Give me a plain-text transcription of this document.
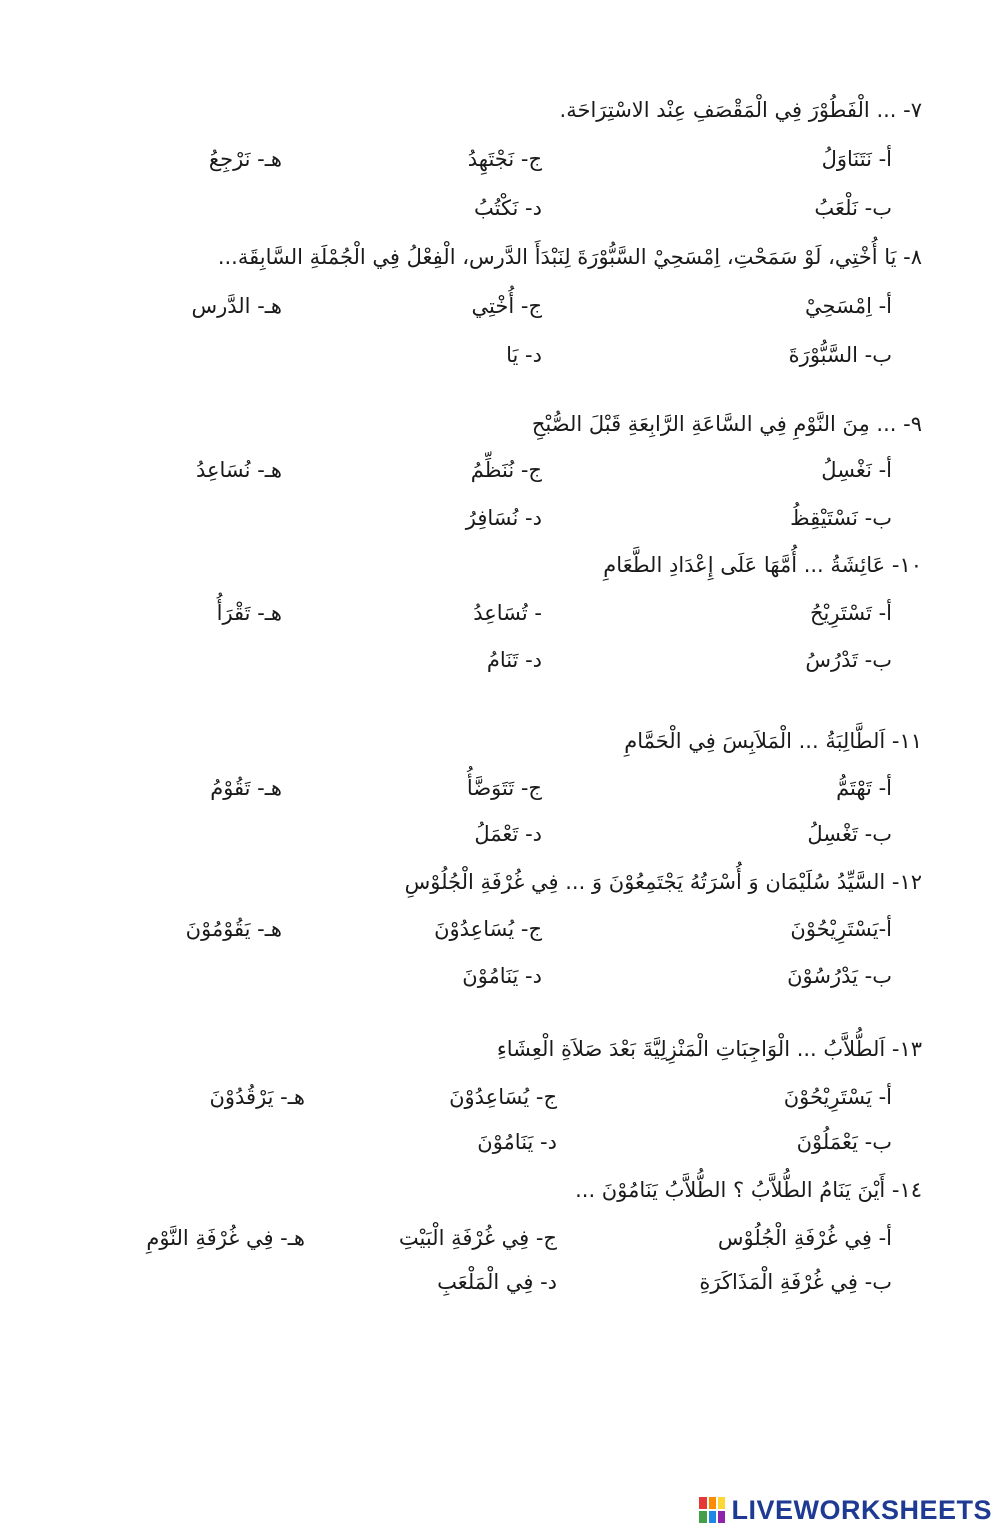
٧- ... الْفَطُوْرَ فِي الْمَقْصَفِ عِنْد الاسْتِرَاحَة.
أ- نَتَنَاوَلُ
ج- نَجْتَهِدُ
هـ- نَرْجِعُ
ب- نَلْعَبُ
د- نَكْتُبُ
٨- يَا أُخْتِي، لَوْ سَمَحْتِ، اِمْسَحِيْ السَّبُّوْرَةَ لِنَبْدَأَ الدَّرس، الْفِعْلُ فِي الْجُمْلَةِ السَّابِقَة...
أ- اِمْسَحِيْ
ج- أُخْتِي
هـ- الدَّرس
ب- السَّبُّوْرَةَ
د- يَا
٩- ... مِنَ النَّوْمِ فِي السَّاعَةِ الرَّابِعَةِ قَبْلَ الصُّبْحِ
أ- نَغْسِلُ
ج- نُنَظِّمُ
هـ- نُسَاعِدُ
ب- نَسْتَيْقِظُ
د- نُسَافِرُ
١٠- عَائِشَةُ ... أُمَّهَا عَلَى إِعْدَادِ الطَّعَامِ
أ- تَسْتَرِيْحُ
- تُسَاعِدُ
هـ- تَقْرَأُ
ب- تَدْرُسُ
د- تَنَامُ
١١- اَلطَّالِبَةُ ... الْمَلاَبِسَ فِي الْحَمَّامِ
أ- تَهْتَمُّ
ج- تَتَوَضَّأُ
هـ- تَقُوْمُ
ب- تَغْسِلُ
د- تَعْمَلُ
١٢- السَّيِّدُ سُلَيْمَان وَ أُسْرَتُهُ يَجْتَمِعُوْنَ وَ ... فِي غُرْفَةِ الْجُلُوْسِ
أ-يَسْتَرِيْحُوْنَ
ج- يُسَاعِدُوْنَ
هـ- يَقُوْمُوْنَ
ب- يَدْرُسُوْنَ
د- يَنَامُوْنَ
١٣- اَلطُّلاَّبُ ... الْوَاجِبَاتِ الْمَنْزِلِيَّةَ بَعْدَ صَلاَةِ الْعِشَاءِ
أ- يَسْتَرِيْحُوْنَ
ج- يُسَاعِدُوْنَ
هـ- يَرْقُدُوْنَ
ب- يَعْمَلُوْنَ
د- يَنَامُوْنَ
١٤- أَيْنَ يَنَامُ الطُّلاَّبُ ؟ الطُّلاَّبُ يَنَامُوْنَ ...
أ- فِي غُرْفَةِ الْجُلُوْس
ج- فِي غُرْفَةِ الْبَيْتِ
هـ- فِي غُرْفَةِ النَّوْمِ
ب- فِي غُرْفَةِ الْمَذَاكَرَةِ
د- فِي الْمَلْعَبِ
LIVEWORKSHEETS
